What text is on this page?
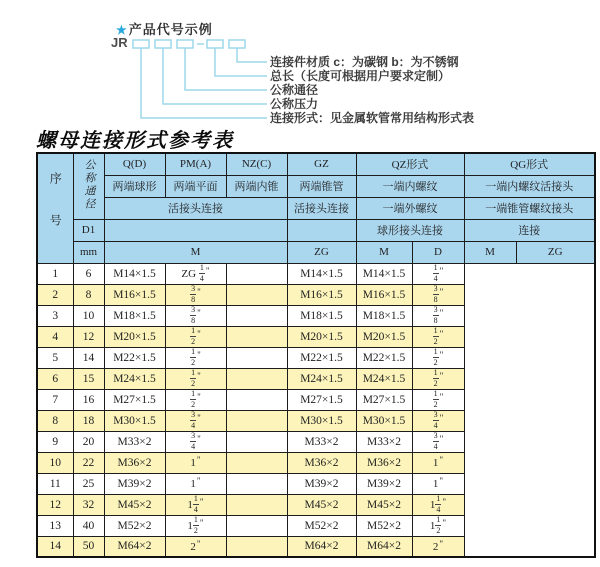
★产品代号示例
JR
连接件材质 c：为碳钢 b：为不锈钢
总长（长度可根据用户要求定制）
公称通径
公称压力
连接形式：见金属软管常用结构形式表
螺母连接形式参考表
序号	公称通径	Q(D)	PM(A)	NZ(C)	GZ	QZ形式		QG形式	
		两端球形	两端平面	两端内锥	两端锥管	一端内螺纹		一端内螺纹活接头	
		活接头连接			活接头连接	一端外螺纹		一端锥管螺纹接头	
	D1					球形接头连接		连接	
	mm	M			ZG	M	D	M	ZG
1	6	M14×1.5	ZG $\frac{1}{4} ^"$		M14×1.5	M14×1.5	$\frac{1}{4} ^"$
2	8	M16×1.5	$\frac{3}{8} ^"$		M16×1.5	M16×1.5	$\frac{3}{8} ^"$
3	10	M18×1.5	$\frac{3}{8} ^"$		M18×1.5	M18×1.5	$\frac{3}{8} ^"$
4	12	M20×1.5	$\frac{1}{2} ^"$		M20×1.5	M20×1.5	$\frac{1}{2} ^"$
5	14	M22×1.5	$\frac{1}{2} ^"$		M22×1.5	M22×1.5	$\frac{1}{2} ^"$
6	15	M24×1.5	$\frac{1}{2} ^"$		M24×1.5	M24×1.5	$\frac{1}{2} ^"$
7	16	M27×1.5	$\frac{1}{2} ^"$		M27×1.5	M27×1.5	$\frac{1}{2} ^"$
8	18	M30×1.5	$\frac{3}{4} ^"$		M30×1.5	M30×1.5	$\frac{3}{4} ^"$
9	20	M33×2	$\frac{3}{4} ^"$		M33×2	M33×2	$\frac{3}{4} ^"$
10	22	M36×2	1"		M36×2	M36×2	1"
11	25	M39×2	1"		M39×2	M39×2	1"
12	32	M45×2	$1 \frac{1}{4} ^"$		M45×2	M45×2	$1 \frac{1}{4} ^"$
13	40	M52×2	$1 \frac{1}{2} ^"$		M52×2	M52×2	$1 \frac{1}{2} ^"$
14	50	M64×2	2"		M64×2	M64×2	2"
